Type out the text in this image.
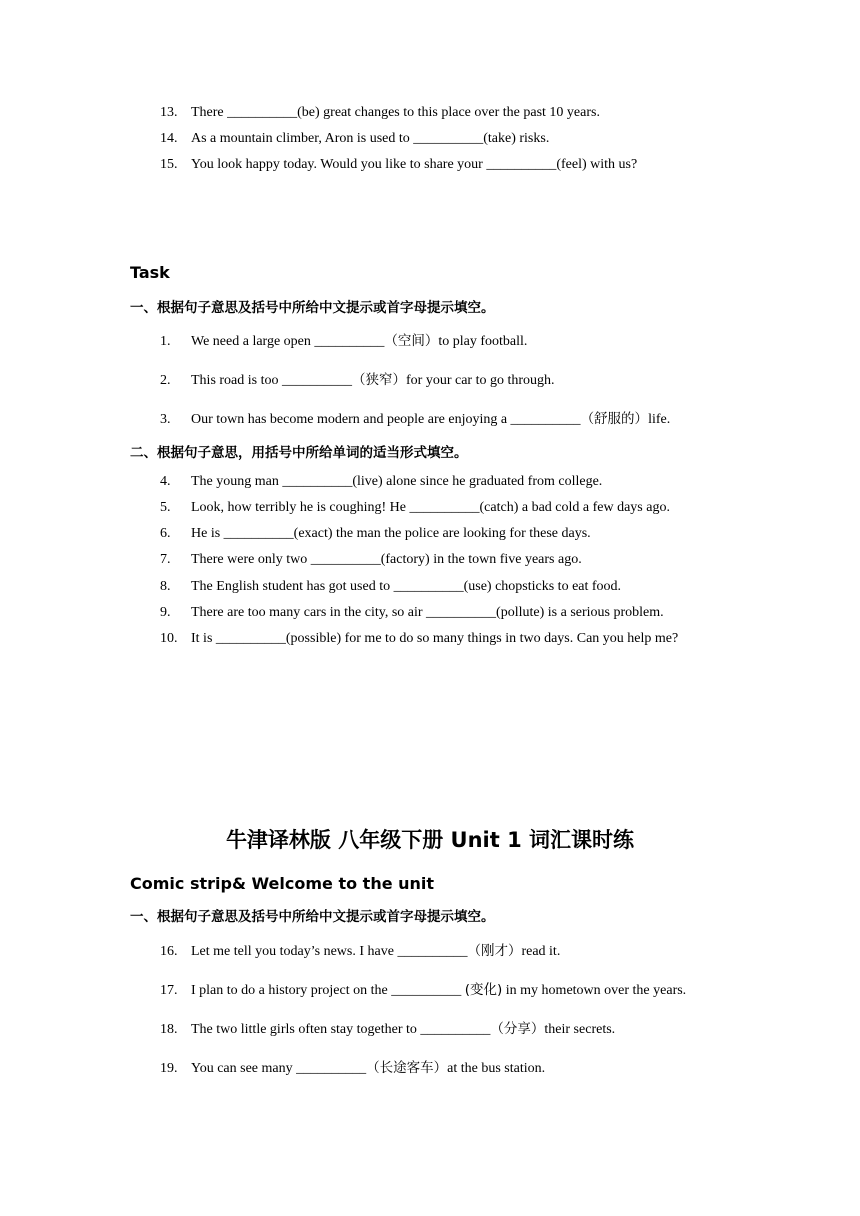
13. There __________(be) great changes to this place over the past 10 years.
14. As a mountain climber, Aron is used to __________(take) risks.
15. You look happy today. Would you like to share your __________(feel) with us?
Task
一、根据句子意思及括号中所给中文提示或首字母提示填空。
1. We need a large open __________（空间）to play football.
2. This road is too __________（狭窄）for your car to go through.
3. Our town has become modern and people are enjoying a __________（舒服的）life.
二、根据句子意思，用括号中所给单词的适当形式填空。
4. The young man __________(live) alone since he graduated from college.
5. Look, how terribly he is coughing! He __________(catch) a bad cold a few days ago.
6. He is __________(exact) the man the police are looking for these days.
7. There were only two __________(factory) in the town five years ago.
8. The English student has got used to __________(use) chopsticks to eat food.
9. There are too many cars in the city, so air __________(pollute) is a serious problem.
10. It is __________(possible) for me to do so many things in two days. Can you help me?
牛津译林版 八年级下册 Unit 1 词汇课时练
Comic strip& Welcome to the unit
一、根据句子意思及括号中所给中文提示或首字母提示填空。
16. Let me tell you today’s news. I have __________（刚才）read it.
17. I plan to do a history project on the __________ (变化) in my hometown over the years.
18. The two little girls often stay together to __________（分享）their secrets.
19. You can see many __________（长途客车）at the bus station.
